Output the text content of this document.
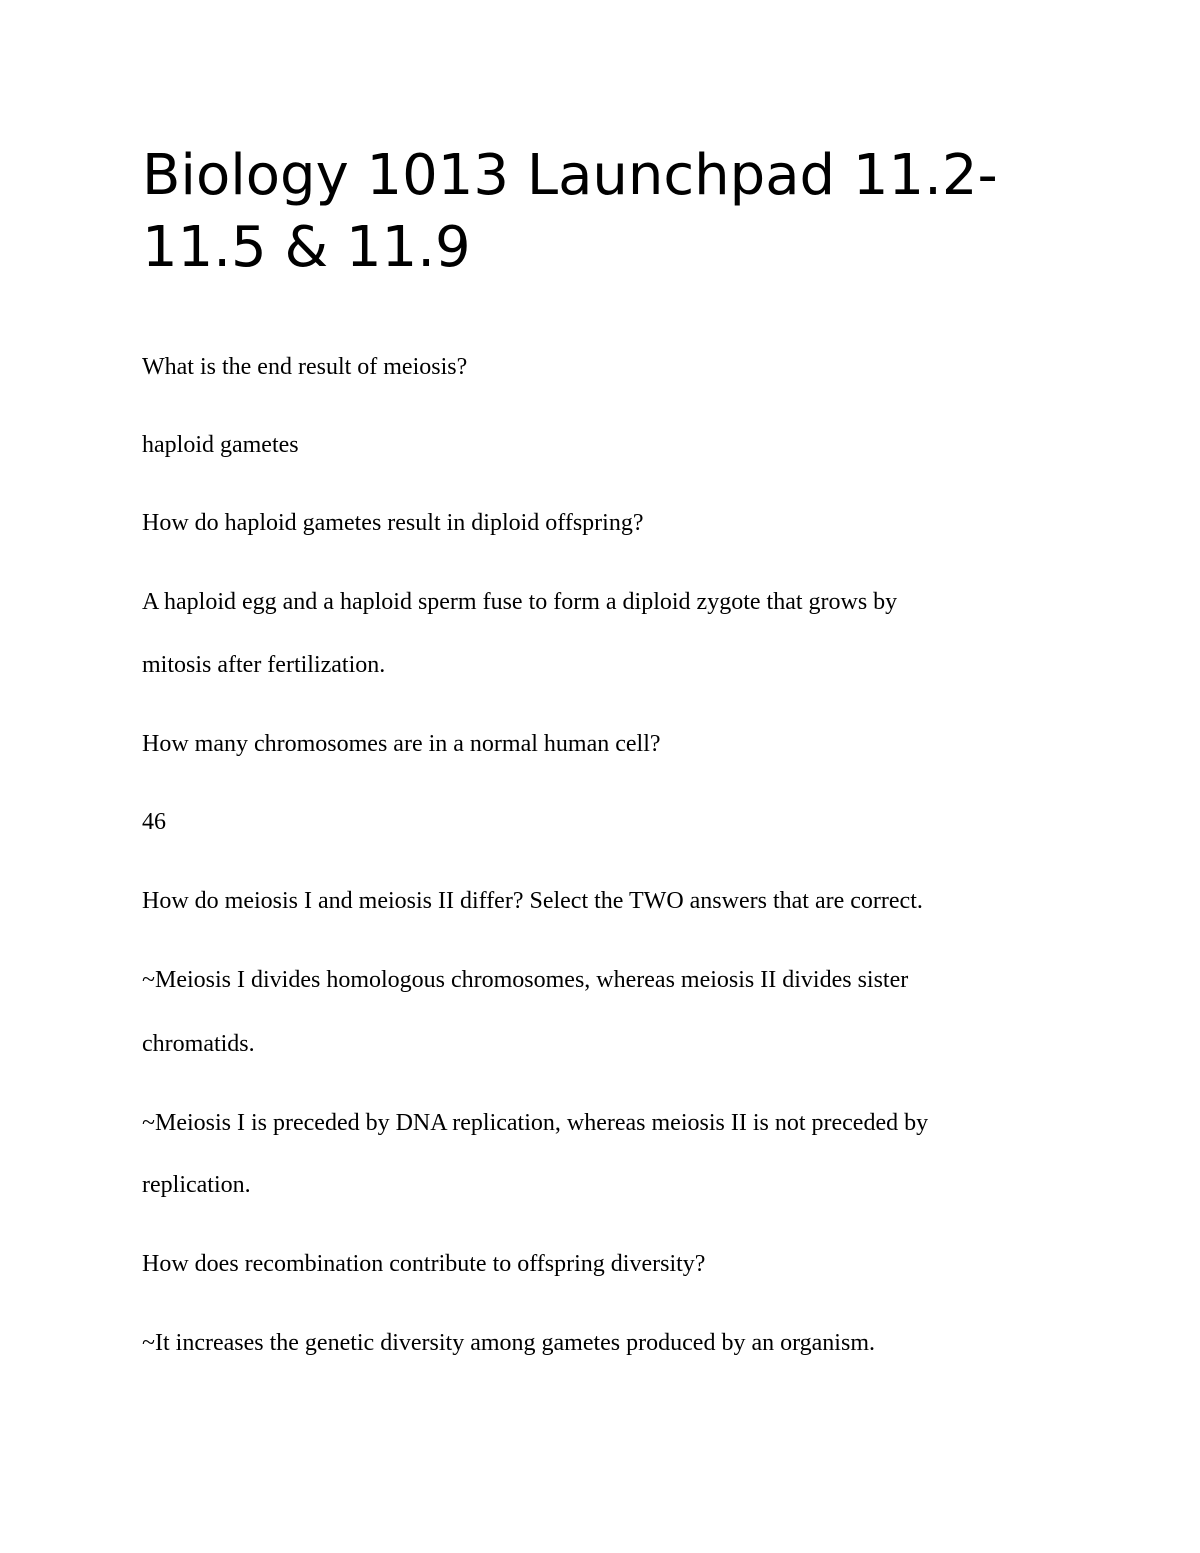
Biology 1013 Launchpad 11.2-
11.5 & 11.9

What is the end result of meiosis?

haploid gametes

How do haploid gametes result in diploid offspring?

A haploid egg and a haploid sperm fuse to form a diploid zygote that grows by

mitosis after fertilization.

How many chromosomes are in a normal human cell?

46

How do meiosis I and meiosis II differ? Select the TWO answers that are correct.

~Meiosis I divides homologous chromosomes, whereas meiosis II divides sister

chromatids.

~Meiosis I is preceded by DNA replication, whereas meiosis II is not preceded by

replication.

How does recombination contribute to offspring diversity?

~It increases the genetic diversity among gametes produced by an organism.
